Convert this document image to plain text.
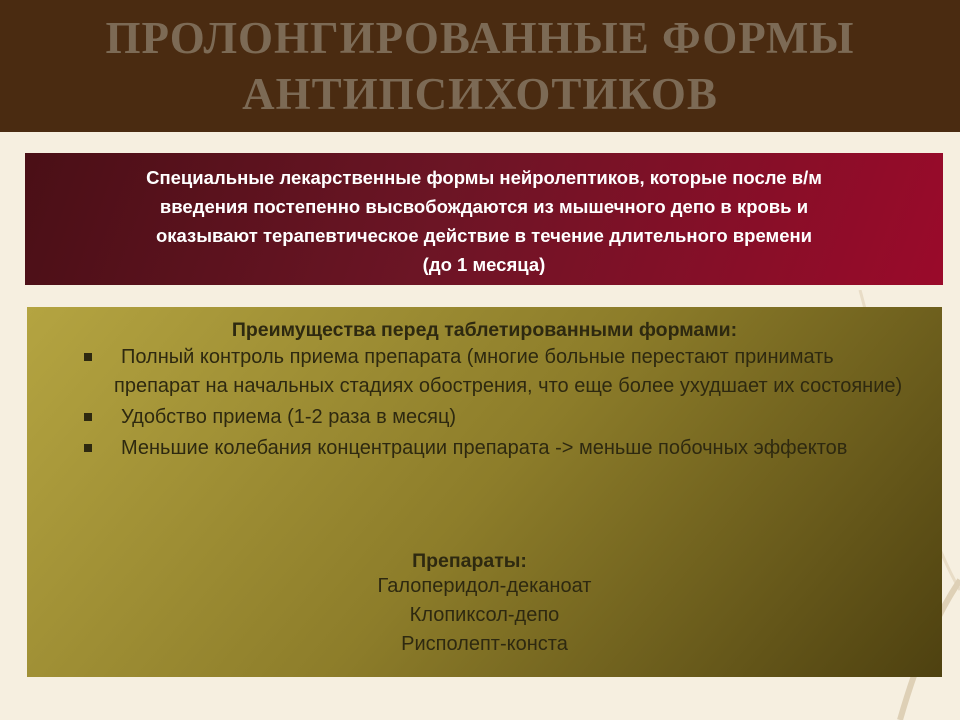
ПРОЛОНГИРОВАННЫЕ ФОРМЫ
АНТИПСИХОТИКОВ
Специальные лекарственные формы нейролептиков, которые после в/м
введения постепенно высвобождаются из мышечного депо в кровь и
оказывают терапевтическое действие в течение длительного времени
(до 1 месяца)

Преимущества перед таблетированными формами:

Полный контроль приема препарата (многие больные перестают принимать препарат на начальных стадиях обострения, что еще более ухудшает их состояние)
Удобство приема (1-2 раза в месяц)
Меньшие колебания концентрации препарата -> меньше побочных эффектов

Препараты:

Галоперидол-деканоат
Клопиксол-депо
Рисполепт-конста
